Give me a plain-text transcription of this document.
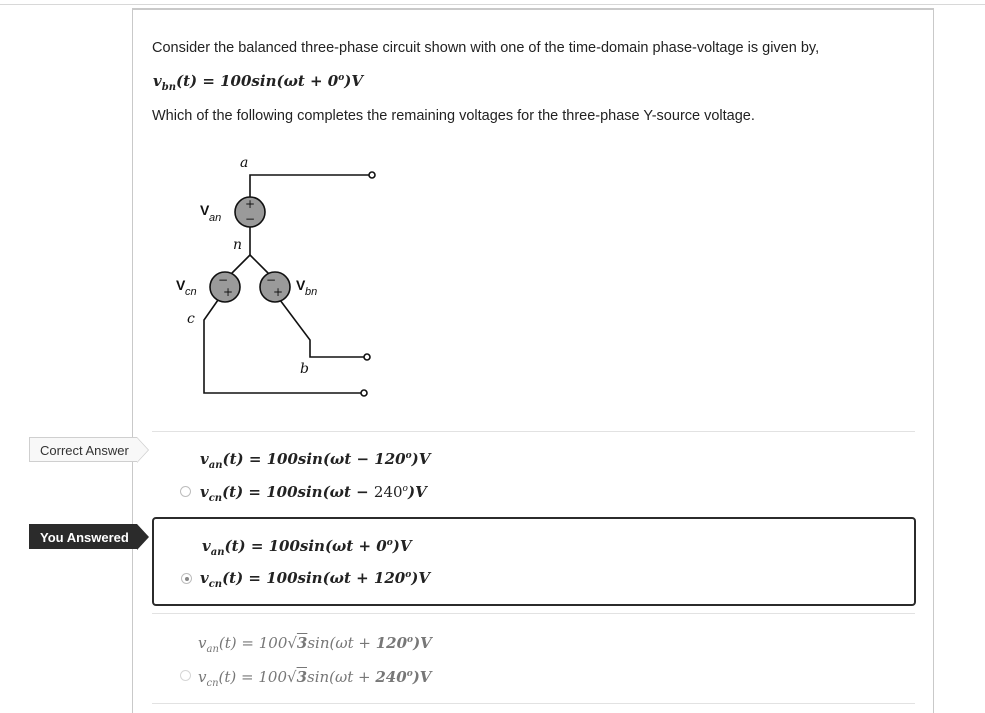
Consider the balanced three-phase circuit shown with one of the time-domain phase-voltage is given by,
$v_{bn}(t) = 100\sin(\omega t + 0^o)V$
Which of the following completes the remaining voltages for the three-phase Y-source voltage.
+
−
−
+
−
+
a
n
b
c
V an
V cn	V bn
Correct Answer	$v_{an}(t) = 100\sin(\omega t - 120^o)V$
$v_{cn}(t) = 100\sin(\omega t - 240^o)V$
You Answered	$v_{an}(t) = 100\sin(\omega t + 0^o)V$
$v_{cn}(t) = 100\sin(\omega t + 120^o)V$
$v_{an}(t) = 100√3\sin(\omega t + 120^o)V$
$v_{cn}(t) = 100√3\sin(\omega t + 240^o)V$
